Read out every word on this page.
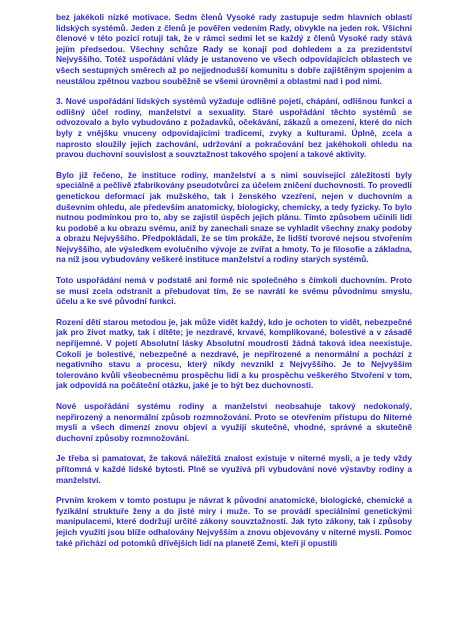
bez jakékoli nízké motivace. Sedm členů Vysoké rady zastupuje sedm hlavních oblastí lidských systémů. Jeden z členů je pověřen vedením Rady, obvykle na jeden rok. Všichni členové v této pozici rotují tak, že v rámci sedmi let se každý z členů Vysoké rady stává jejím předsedou. Všechny schůze Rady se konají pod dohledem a za prezidentství Nejvyššího. Totéž uspořádání vlády je ustanoveno ve všech odpovídajících oblastech ve všech sestupných směrech až po nejjednodušší komunitu s dobře zajištěným spojením a neustálou zpětnou vazbou souběžně se všemi úrovněmi a oblastmi nad i pod nimi.

3. Nové uspořádání lidských systémů vyžaduje odlišné pojetí, chápání, odlišnou funkci a odlišný účel rodiny, manželství a sexuality. Staré uspořádání těchto systémů se odvozovalo a bylo vybudováno z požadavků, očekávání, zákazů a omezení, které do nich byly z vnějšku vnuceny odpovídajícími tradicemi, zvyky a kulturami. Úplně, zcela a naprosto sloužily jejich zachování, udržování a pokračování bez jakéhokoli ohledu na pravou duchovní souvislost a souvztažnost takového spojení a takové aktivity.

Bylo již řečeno, že instituce rodiny, manželství a s nimi související záležitosti byly speciálně a pečlivě zfabrikovány pseudotvůrci za účelem zničení duchovnosti. To provedli genetickou deformací jak mužského, tak i ženského vzezření, nejen v duchovním a duševním ohledu, ale především anatomicky, biologicky, chemicky, a tedy fyzicky. To bylo nutnou podmínkou pro to, aby se zajistil úspěch jejich plánu. Tímto způsobem učinili lidi ku podobě a ku obrazu svému, aniž by zanechali snaze se vyhladit všechny znaky podoby a obrazu Nejvyššího. Předpokládali, že se tím prokáže, že lidští tvorové nejsou stvořením Nejvyššího, ale výsledkem evolučního vývoje ze zvířat a hmoty. To je filosofie a základna, na níž jsou vybudovány veškeré instituce manželství a rodiny starých systémů.

Toto uspořádání nemá v podstatě ani formě nic společného s čímkoli duchovním. Proto se musí zcela odstranit a přebudovat tím, že se navrátí ke svému původnímu smyslu, účelu a ke své původní funkci.

Rození dětí starou metodou je, jak může vidět každý, kdo je ochoten to vidět, nebezpečné jak pro život matky, tak i dítěte; je nezdravé, krvavé, komplikované, bolestivé a v zásadě nepříjemné. V pojetí Absolutní lásky Absolutní moudrosti žádná taková idea neexistuje. Cokoli je bolestivé, nebezpečné a nezdravé, je nepřirozené a nenormální a pochází z negativního stavu a procesu, který nikdy nevznikl z Nejvyššího. Je to Nejvyšším tolerováno kvůli všeobecnému prospěchu lidí a ku prospěchu veškerého Stvoření v tom, jak odpovídá na počáteční otázku, jaké je to být bez duchovnosti.

Nové uspořádání systému rodiny a manželství neobsahuje takový nedokonalý, nepřirozený a nenormální způsob rozmnožování. Proto se otevřením přístupu do Niterné mysli a všech dimenzí znovu objeví a využijí skutečné, vhodné, správné a skutečně duchovní způsoby rozmnožování.

Je třeba si pamatovat, že taková náležitá znalost existuje v niterné mysli, a je tedy vždy přítomná v každé lidské bytosti. Plně se využívá při vybudování nové výstavby rodiny a manželství.

Prvním krokem v tomto postupu je návrat k původní anatomické, biologické, chemické a fyzikální struktuře ženy a do jisté míry i muže. To se provádí speciálními genetickými manipulacemi, které dodržují určité zákony souvztažností. Jak tyto zákony, tak i způsoby jejich využití jsou blíže odhalovány Nejvyšším a znovu objevovány v niterné mysli. Pomoc také přichází od potomků dřívějších lidí na planetě Zemi, kteří jí opustili
